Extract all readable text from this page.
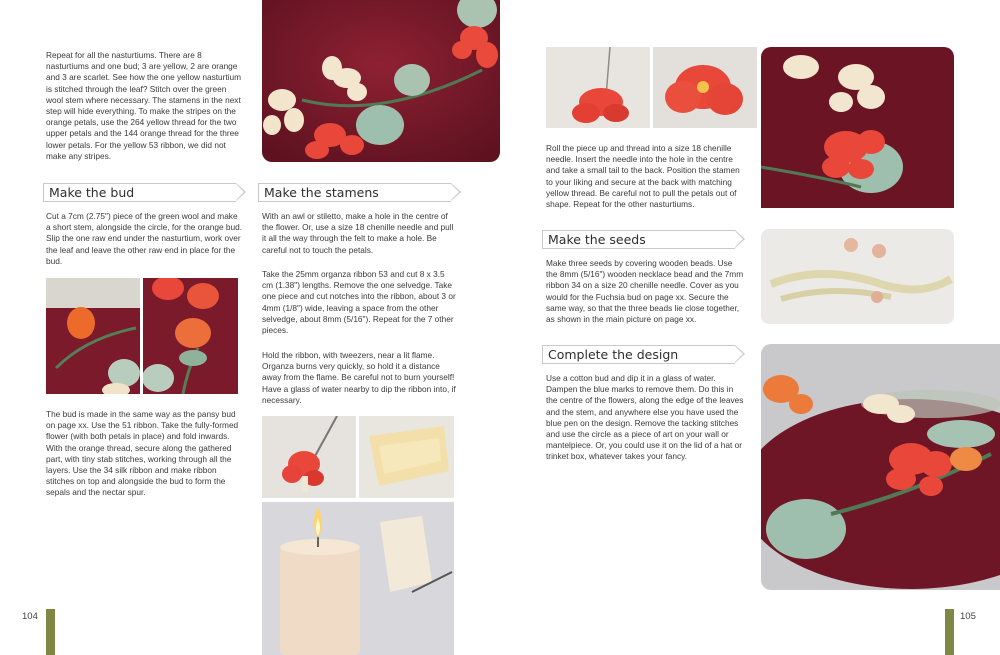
Repeat for all the nasturtiums. There are 8 nasturtiums and one bud; 3 are yellow, 2 are orange and 3 are scarlet. See how the one yellow nasturtium is stitched through the leaf? Stitch over the green wool stem where necessary. The stamens in the next step will hide everything. To make the stripes on the orange petals, use the 264 yellow thread for the two upper petals and the 144 orange thread for the three lower petals. For the yellow 53 ribbon, we did not make any stripes.
Make the bud
Cut a 7cm (2.75") piece of the green wool and make a short stem, alongside the circle, for the orange bud. Slip the one raw end under the nasturtium, work over the leaf and leave the other raw end in place for the bud.
The bud is made in the same way as the pansy bud on page xx. Use the 51 ribbon. Take the fully-formed flower (with both petals in place) and fold inwards. With the orange thread, secure along the gathered part, with tiny stab stitches, working through all the layers. Use the 34 silk ribbon and make ribbon stitches on top and alongside the bud to form the sepals and the nectar spur.
Make the stamens
With an awl or stiletto, make a hole in the centre of the flower. Or, use a size 18 chenille needle and pull it all the way through the felt to make a hole. Be careful not to touch the petals.
Take the 25mm organza ribbon 53 and cut 8 x 3.5 cm (1.38") lengths. Remove the one selvedge. Take one piece and cut notches into the ribbon, about 3 or 4mm (1/8") wide, leaving a space from the other selvedge, about 8mm (5/16"). Repeat for the 7 other pieces.
Hold the ribbon, with tweezers, near a lit flame. Organza burns very quickly, so hold it a distance away from the flame. Be careful not to burn yourself! Have a glass of water nearby to dip the ribbon into, if necessary.
104
Roll the piece up and thread into a size 18 chenille needle. Insert the needle into the hole in the centre and take a small tail to the back. Position the stamen to your liking and secure at the back with matching yellow thread. Be careful not to pull the petals out of shape. Repeat for the other nasturtiums.
Make the seeds
Make three seeds by covering wooden beads. Use the 8mm (5/16") wooden necklace bead and the 7mm ribbon 34 on a size 20 chenille needle. Cover as you would for the Fuchsia bud on page xx. Secure the same way, so that the three beads lie close together, as shown in the main picture on page xx.
Complete the design
Use a cotton bud and dip it in a glass of water. Dampen the blue marks to remove them. Do this in the centre of the flowers, along the edge of the leaves and the stem, and anywhere else you have used the blue pen on the design. Remove the tacking stitches and use the circle as a piece of art on your wall or mantelpiece. Or, you could use it on the lid of a hat or trinket box, whatever takes your fancy.
105
